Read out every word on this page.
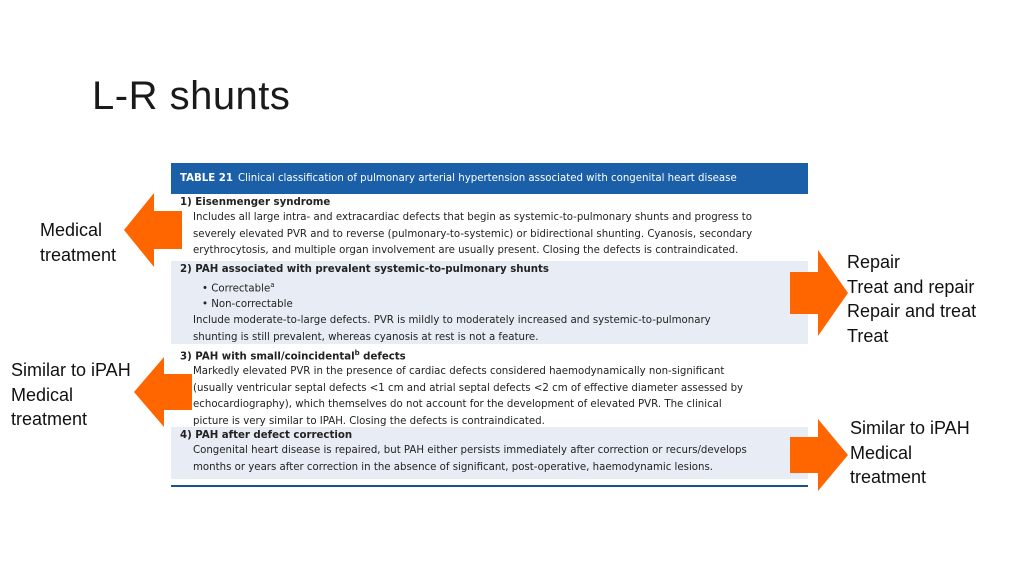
L-R shunts
TABLE 21 Clinical classification of pulmonary arterial hypertension associated with congenital heart disease
1) Eisenmenger syndrome
Includes all large intra- and extracardiac defects that begin as systemic-to-pulmonary shunts and progress to
severely elevated PVR and to reverse (pulmonary-to-systemic) or bidirectional shunting. Cyanosis, secondary
erythrocytosis, and multiple organ involvement are usually present. Closing the defects is contraindicated.
2) PAH associated with prevalent systemic-to-pulmonary shunts
• Correctable$^a$
• Non-correctable
Include moderate-to-large defects. PVR is mildly to moderately increased and systemic-to-pulmonary
shunting is still prevalent, whereas cyanosis at rest is not a feature.
3) PAH with small/coincidental$^b$ defects
Markedly elevated PVR in the presence of cardiac defects considered haemodynamically non-significant
(usually ventricular septal defects <1 cm and atrial septal defects <2 cm of effective diameter assessed by
echocardiography), which themselves do not account for the development of elevated PVR. The clinical
picture is very similar to IPAH. Closing the defects is contraindicated.
4) PAH after defect correction
Congenital heart disease is repaired, but PAH either persists immediately after correction or recurs/develops
months or years after correction in the absence of significant, post-operative, haemodynamic lesions.
Medical
treatment	Repair
Treat and repair
Repair and treat
Treat
Similar to iPAH
Medical
treatment	Similar to iPAH
Medical
treatment
